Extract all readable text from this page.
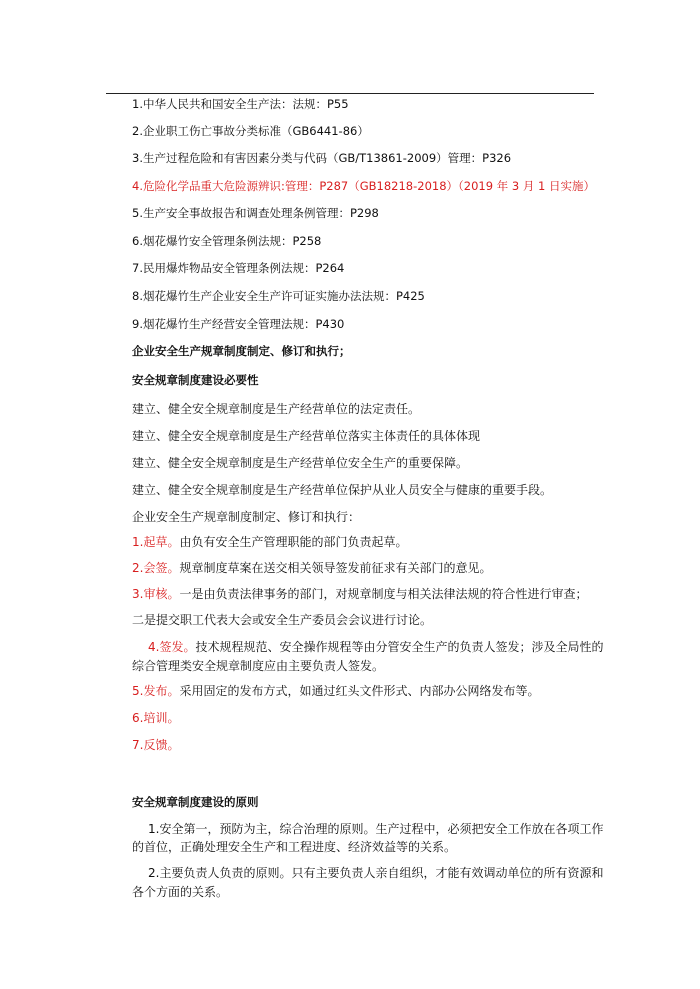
1.中华人民共和国安全生产法：法规：P55
2.企业职工伤亡事故分类标准（GB6441-86）
3.生产过程危险和有害因素分类与代码（GB/T13861-2009）管理：P326
4.危险化学品重大危险源辨识:管理：P287（GB18218-2018）（2019 年 3 月 1 日实施）
5.生产安全事故报告和调查处理条例管理：P298
6.烟花爆竹安全管理条例法规：P258
7.民用爆炸物品安全管理条例法规：P264
8.烟花爆竹生产企业安全生产许可证实施办法法规：P425
9.烟花爆竹生产经营安全管理法规：P430
企业安全生产规章制度制定、修订和执行；
安全规章制度建设必要性
建立、健全安全规章制度是生产经营单位的法定责任。
建立、健全安全规章制度是生产经营单位落实主体责任的具体体现
建立、健全安全规章制度是生产经营单位安全生产的重要保障。
建立、健全安全规章制度是生产经营单位保护从业人员安全与健康的重要手段。
企业安全生产规章制度制定、修订和执行：
1.起草。由负有安全生产管理职能的部门负责起草。
2.会签。规章制度草案在送交相关领导签发前征求有关部门的意见。
3.审核。一是由负责法律事务的部门，对规章制度与相关法律法规的符合性进行审查；
二是提交职工代表大会或安全生产委员会会议进行讨论。
4.签发。技术规程规范、安全操作规程等由分管安全生产的负责人签发；涉及全局性的
综合管理类安全规章制度应由主要负责人签发。
5.发布。采用固定的发布方式，如通过红头文件形式、内部办公网络发布等。
6.培训。
7.反馈。
安全规章制度建设的原则
1.安全第一，预防为主，综合治理的原则。生产过程中，必须把安全工作放在各项工作
的首位，正确处理安全生产和工程进度、经济效益等的关系。
2.主要负责人负责的原则。只有主要负责人亲自组织，才能有效调动单位的所有资源和
各个方面的关系。
